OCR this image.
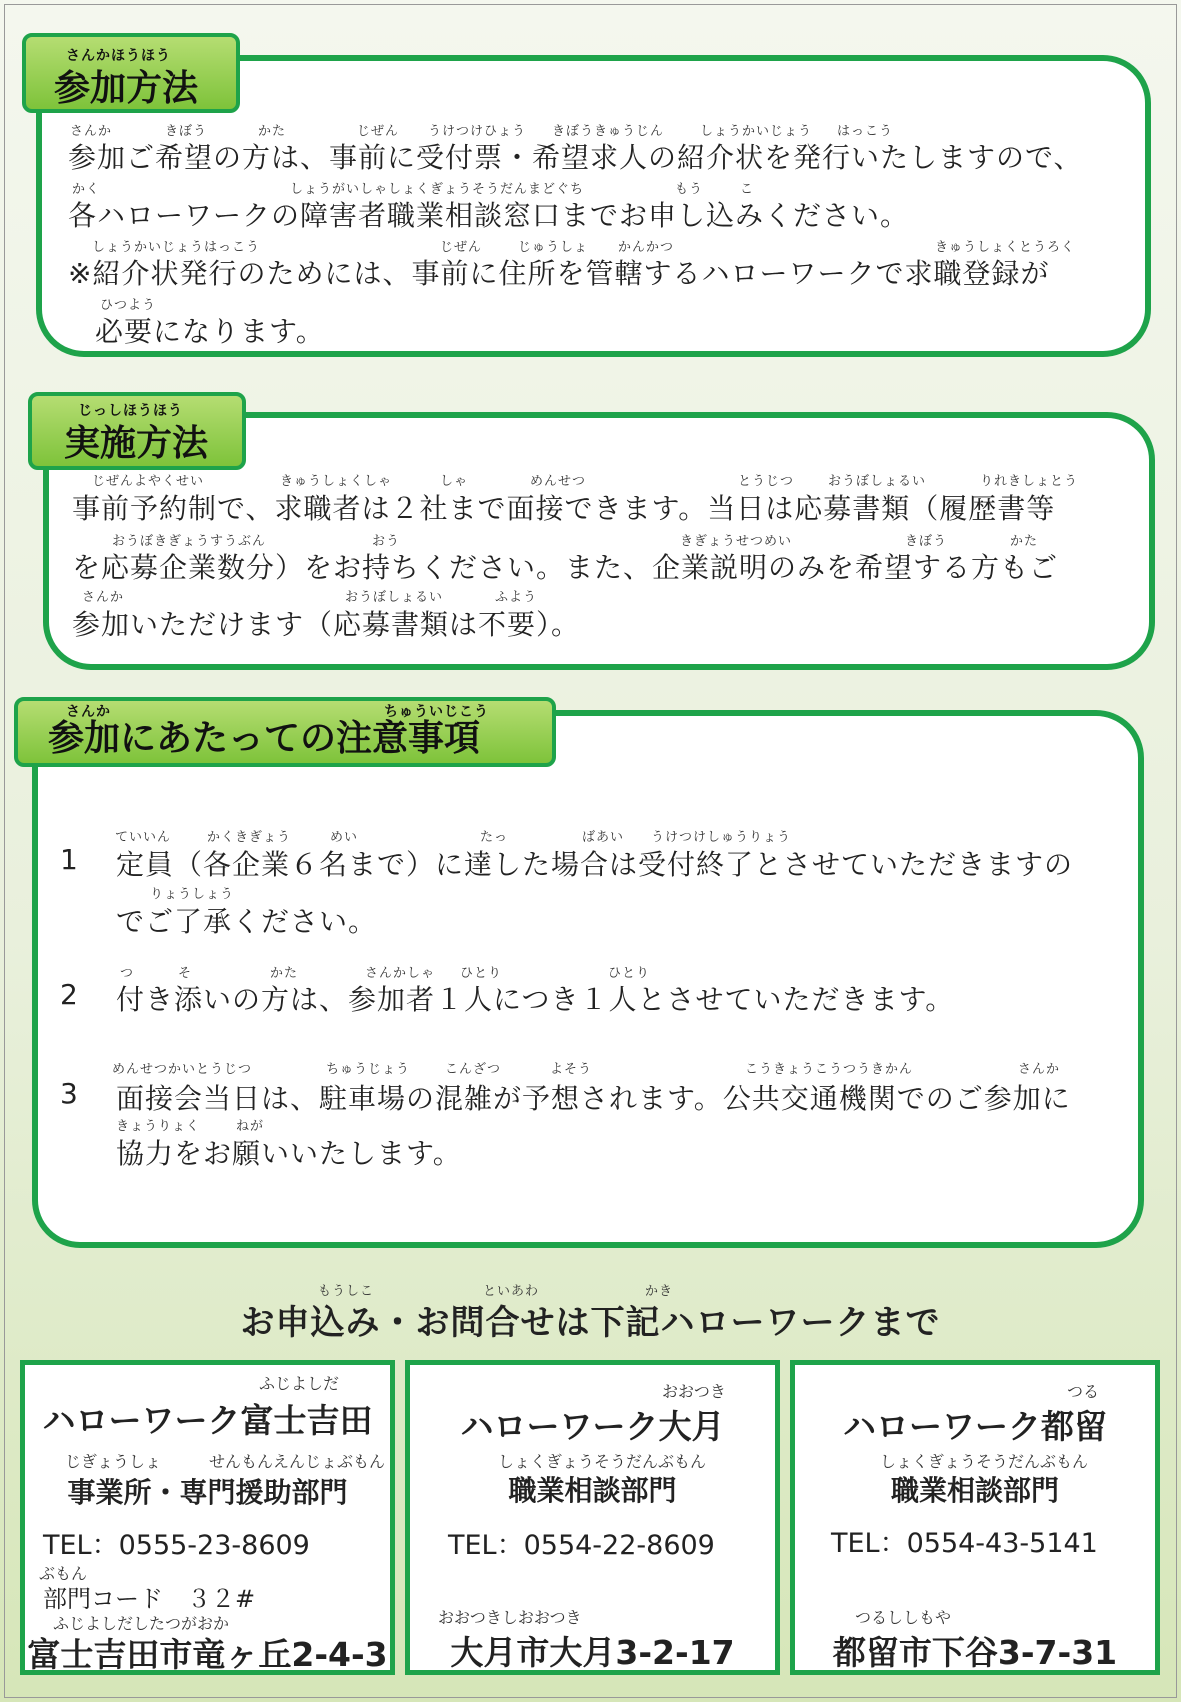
さんかほうほう
参加方法
さんか	きぼう	かた	じぜん うけつけひょう きぼうきゅうじん	しょうかいじょう はっこう
参加ご希望の方は、事前に受付票・希望求人の紹介状を発行いたしますので、
かく	しょうがいしゃしょくぎょうそうだんまどぐち	もう	こ
各ハローワークの障害者職業相談窓口までお申し込みください。
しょうかいじょうはっこう	じぜん	じゅうしょ かんかつ	きゅうしょくとうろく
※紹介状発行のためには、事前に住所を管轄するハローワークで求職登録が
ひつよう
必要になります。
じっしほうほう
実施方法
じぜんよやくせい	きゅうしょくしゃ	しゃ	めんせつ	とうじつ	おうぼしょるい	りれきしょとう
事前予約制で、求職者は２社まで面接できます。当日は応募書類（履歴書等
おうぼきぎょうすうぶん	おう	きぎょうせつめい	きぼう	かた
を応募企業数分）をお持ちください。また、企業説明のみを希望する方もご
さんか	おうぼしょるい	ふよう
参加いただけます（応募書類は不要）。
さんか	ちゅういじこう
参加にあたっての注意事項
1
ていいん	かくきぎょう	めい	たっ	ばあい うけつけしゅうりょう
定員（各企業６名まで）に達した場合は受付終了とさせていただきますの
りょうしょう
でご了承ください。
2
つ	そ	かた	さんかしゃ ひとり	ひとり
付き添いの方は、参加者１人につき１人とさせていただきます。
3
めんせつかいとうじつ	ちゅうじょう	こんざつ	よそう	こうきょうこうつうきかん	さんか
面接会当日は、駐車場の混雑が予想されます。公共交通機関でのご参加に
きょうりょく	ねが
協力をお願いいたします。
もうしこ	といあわ	かき
お申込み・お問合せは下記ハローワークまで
ふじよしだ
ハローワーク富士吉田
じぎょうしょ　　　せんもんえんじょぶもん
事業所・専門援助部門
TEL：0555-23-8609
ぶもん
部門コード　３２#
ふじよしだしたつがおか
富士吉田市竜ヶ丘2-4-3
おおつき
ハローワーク大月
しょくぎょうそうだんぶもん
職業相談部門
TEL：0554-22-8609
おおつきしおおつき
大月市大月3-2-17
つる
ハローワーク都留
しょくぎょうそうだんぶもん
職業相談部門
TEL：0554-43-5141
つるししもや
都留市下谷3-7-31
